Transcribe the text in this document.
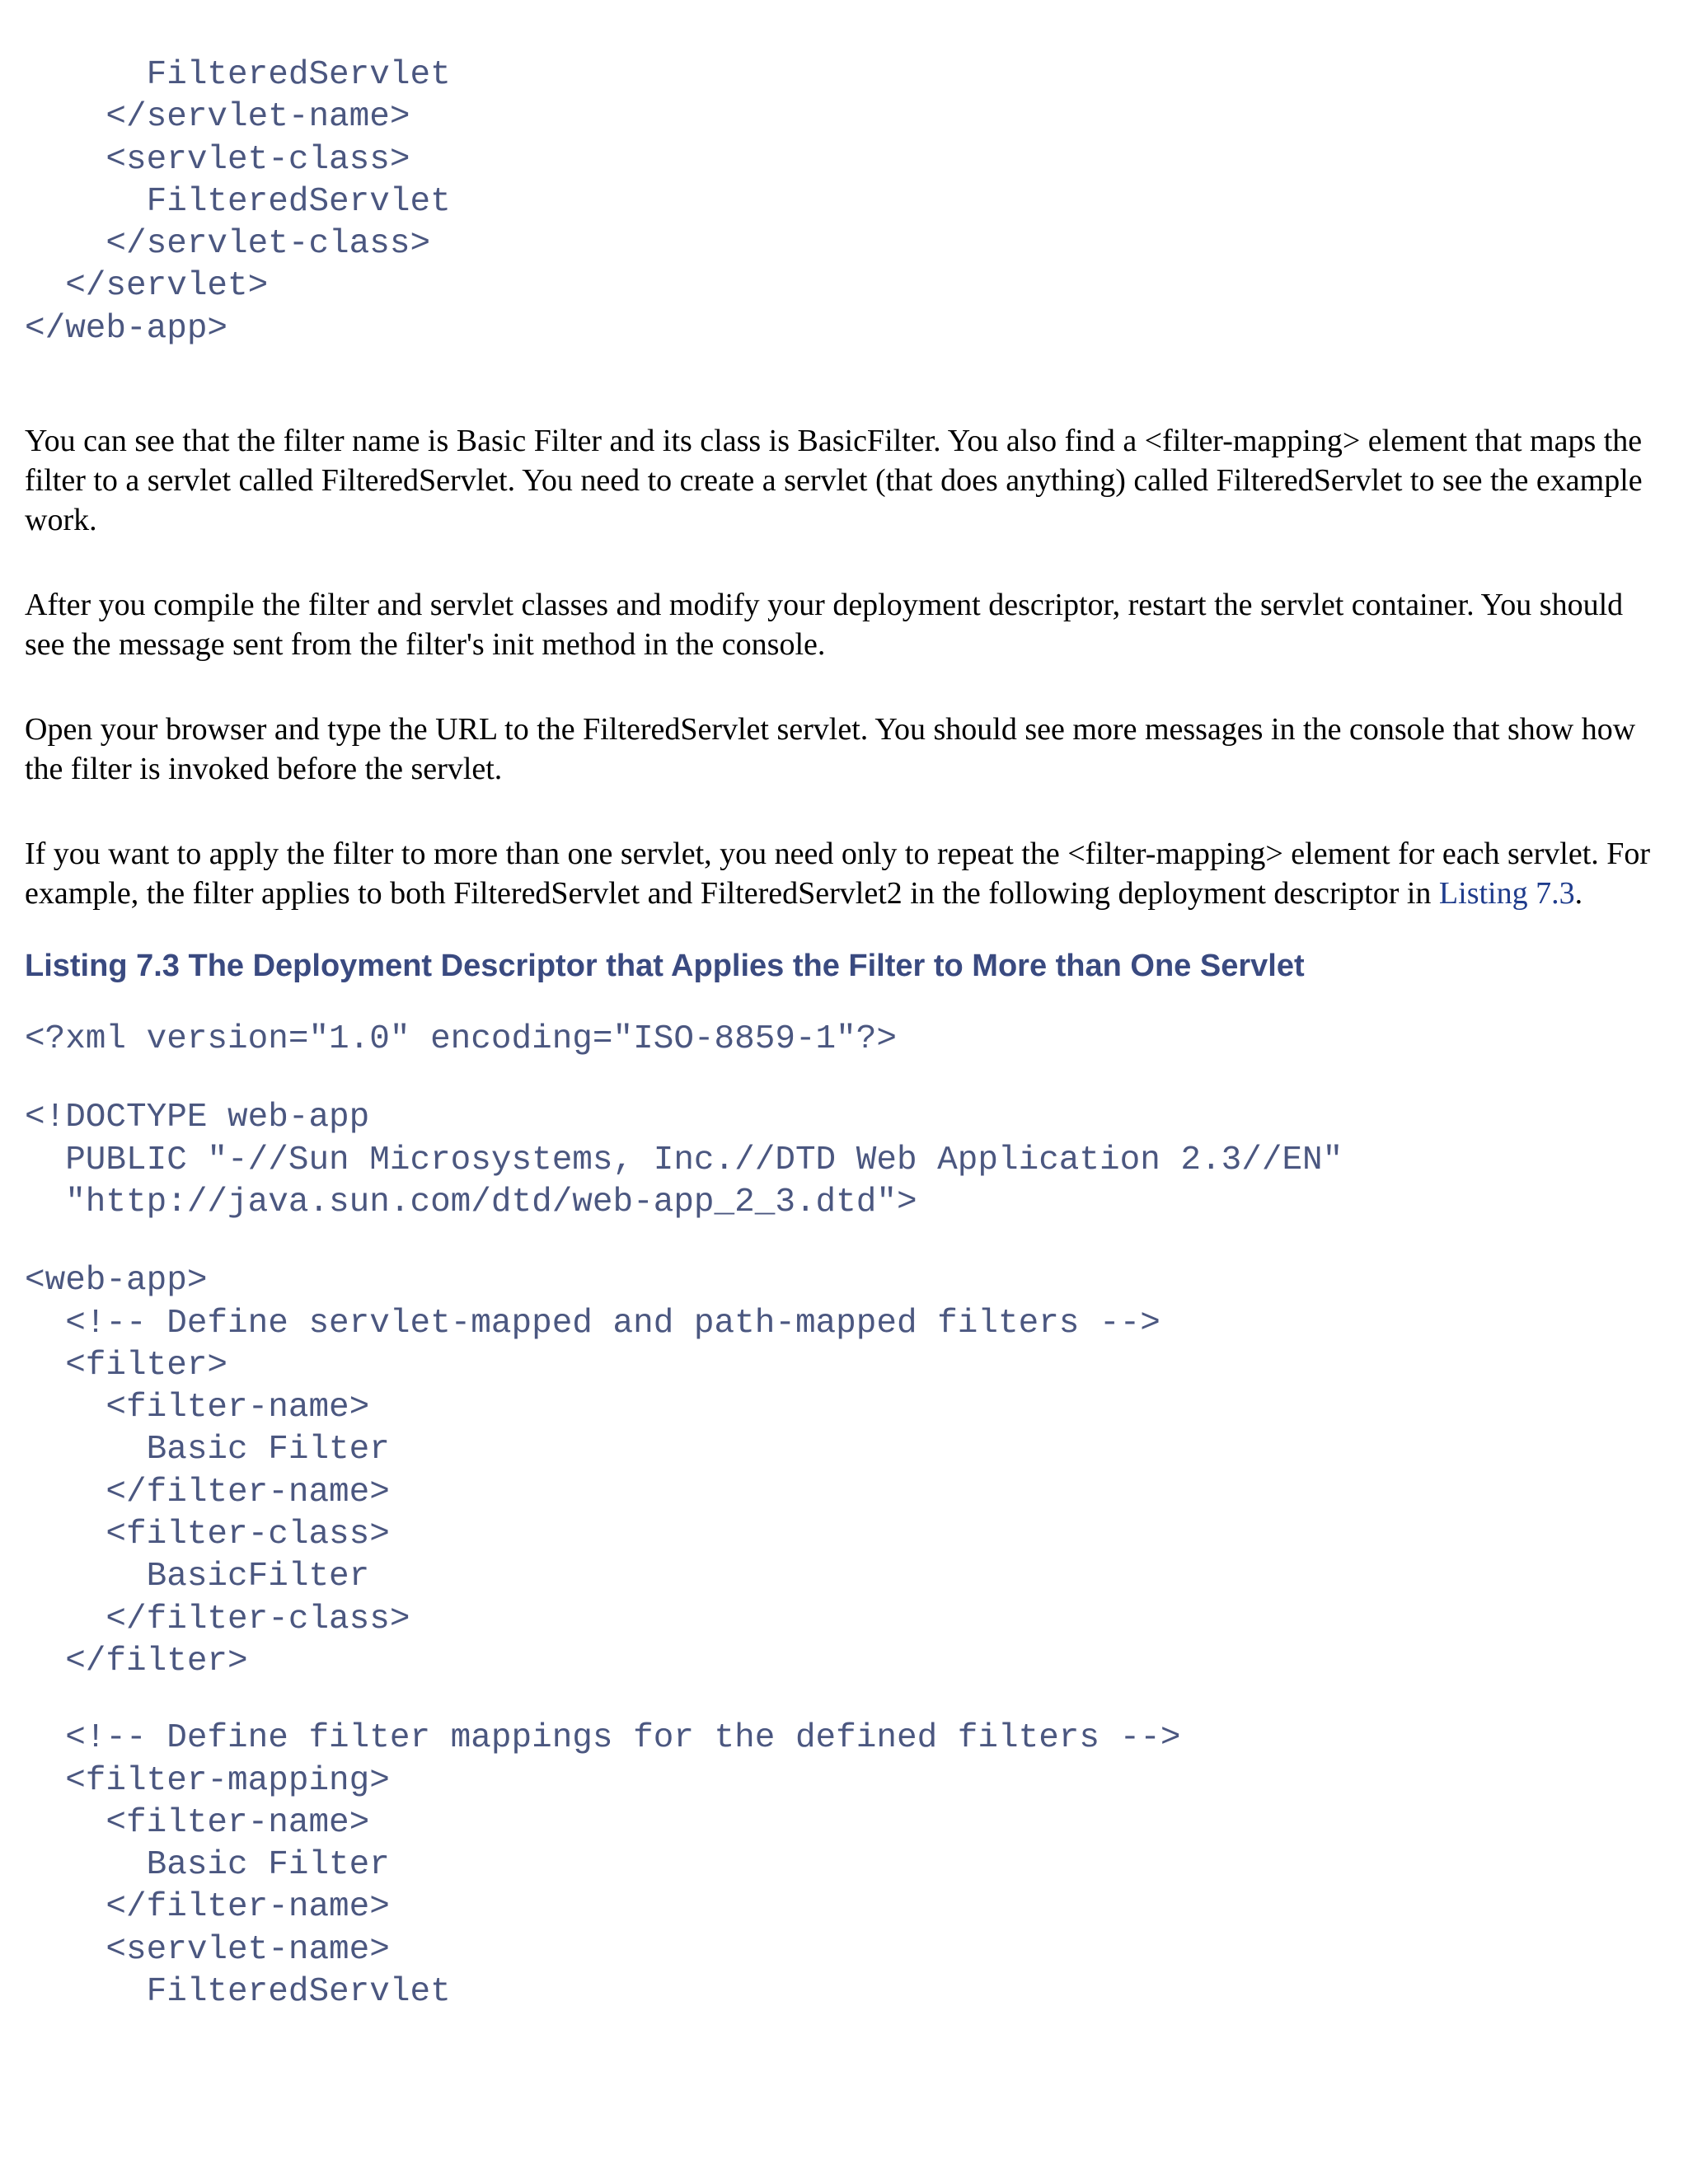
FilteredServlet
</servlet-name>
<servlet-class>
FilteredServlet
</servlet-class>
</servlet>
</web-app>

You can see that the filter name is Basic Filter and its class is BasicFilter. You also find a <filter-mapping> element that maps the filter to a servlet called FilteredServlet. You need to create a servlet (that does anything) called FilteredServlet to see the example work.

After you compile the filter and servlet classes and modify your deployment descriptor, restart the servlet container. You should see the message sent from the filter's init method in the console.

Open your browser and type the URL to the FilteredServlet servlet. You should see more messages in the console that show how the filter is invoked before the servlet.

If you want to apply the filter to more than one servlet, you need only to repeat the <filter-mapping> element for each servlet. For example, the filter applies to both FilteredServlet and FilteredServlet2 in the following deployment descriptor in Listing 7.3.

Listing 7.3 The Deployment Descriptor that Applies the Filter to More than One Servlet
<?xml version="1.0" encoding="ISO-8859-1"?>
<!DOCTYPE web-app
PUBLIC "-//Sun Microsystems, Inc.//DTD Web Application 2.3//EN"
"http://java.sun.com/dtd/web-app_2_3.dtd">
<web-app>
<!-- Define servlet-mapped and path-mapped filters -->
<filter>
<filter-name>
Basic Filter
</filter-name>
<filter-class>
BasicFilter
</filter-class>
</filter>
<!-- Define filter mappings for the defined filters -->
<filter-mapping>
<filter-name>
Basic Filter
</filter-name>
<servlet-name>
FilteredServlet
